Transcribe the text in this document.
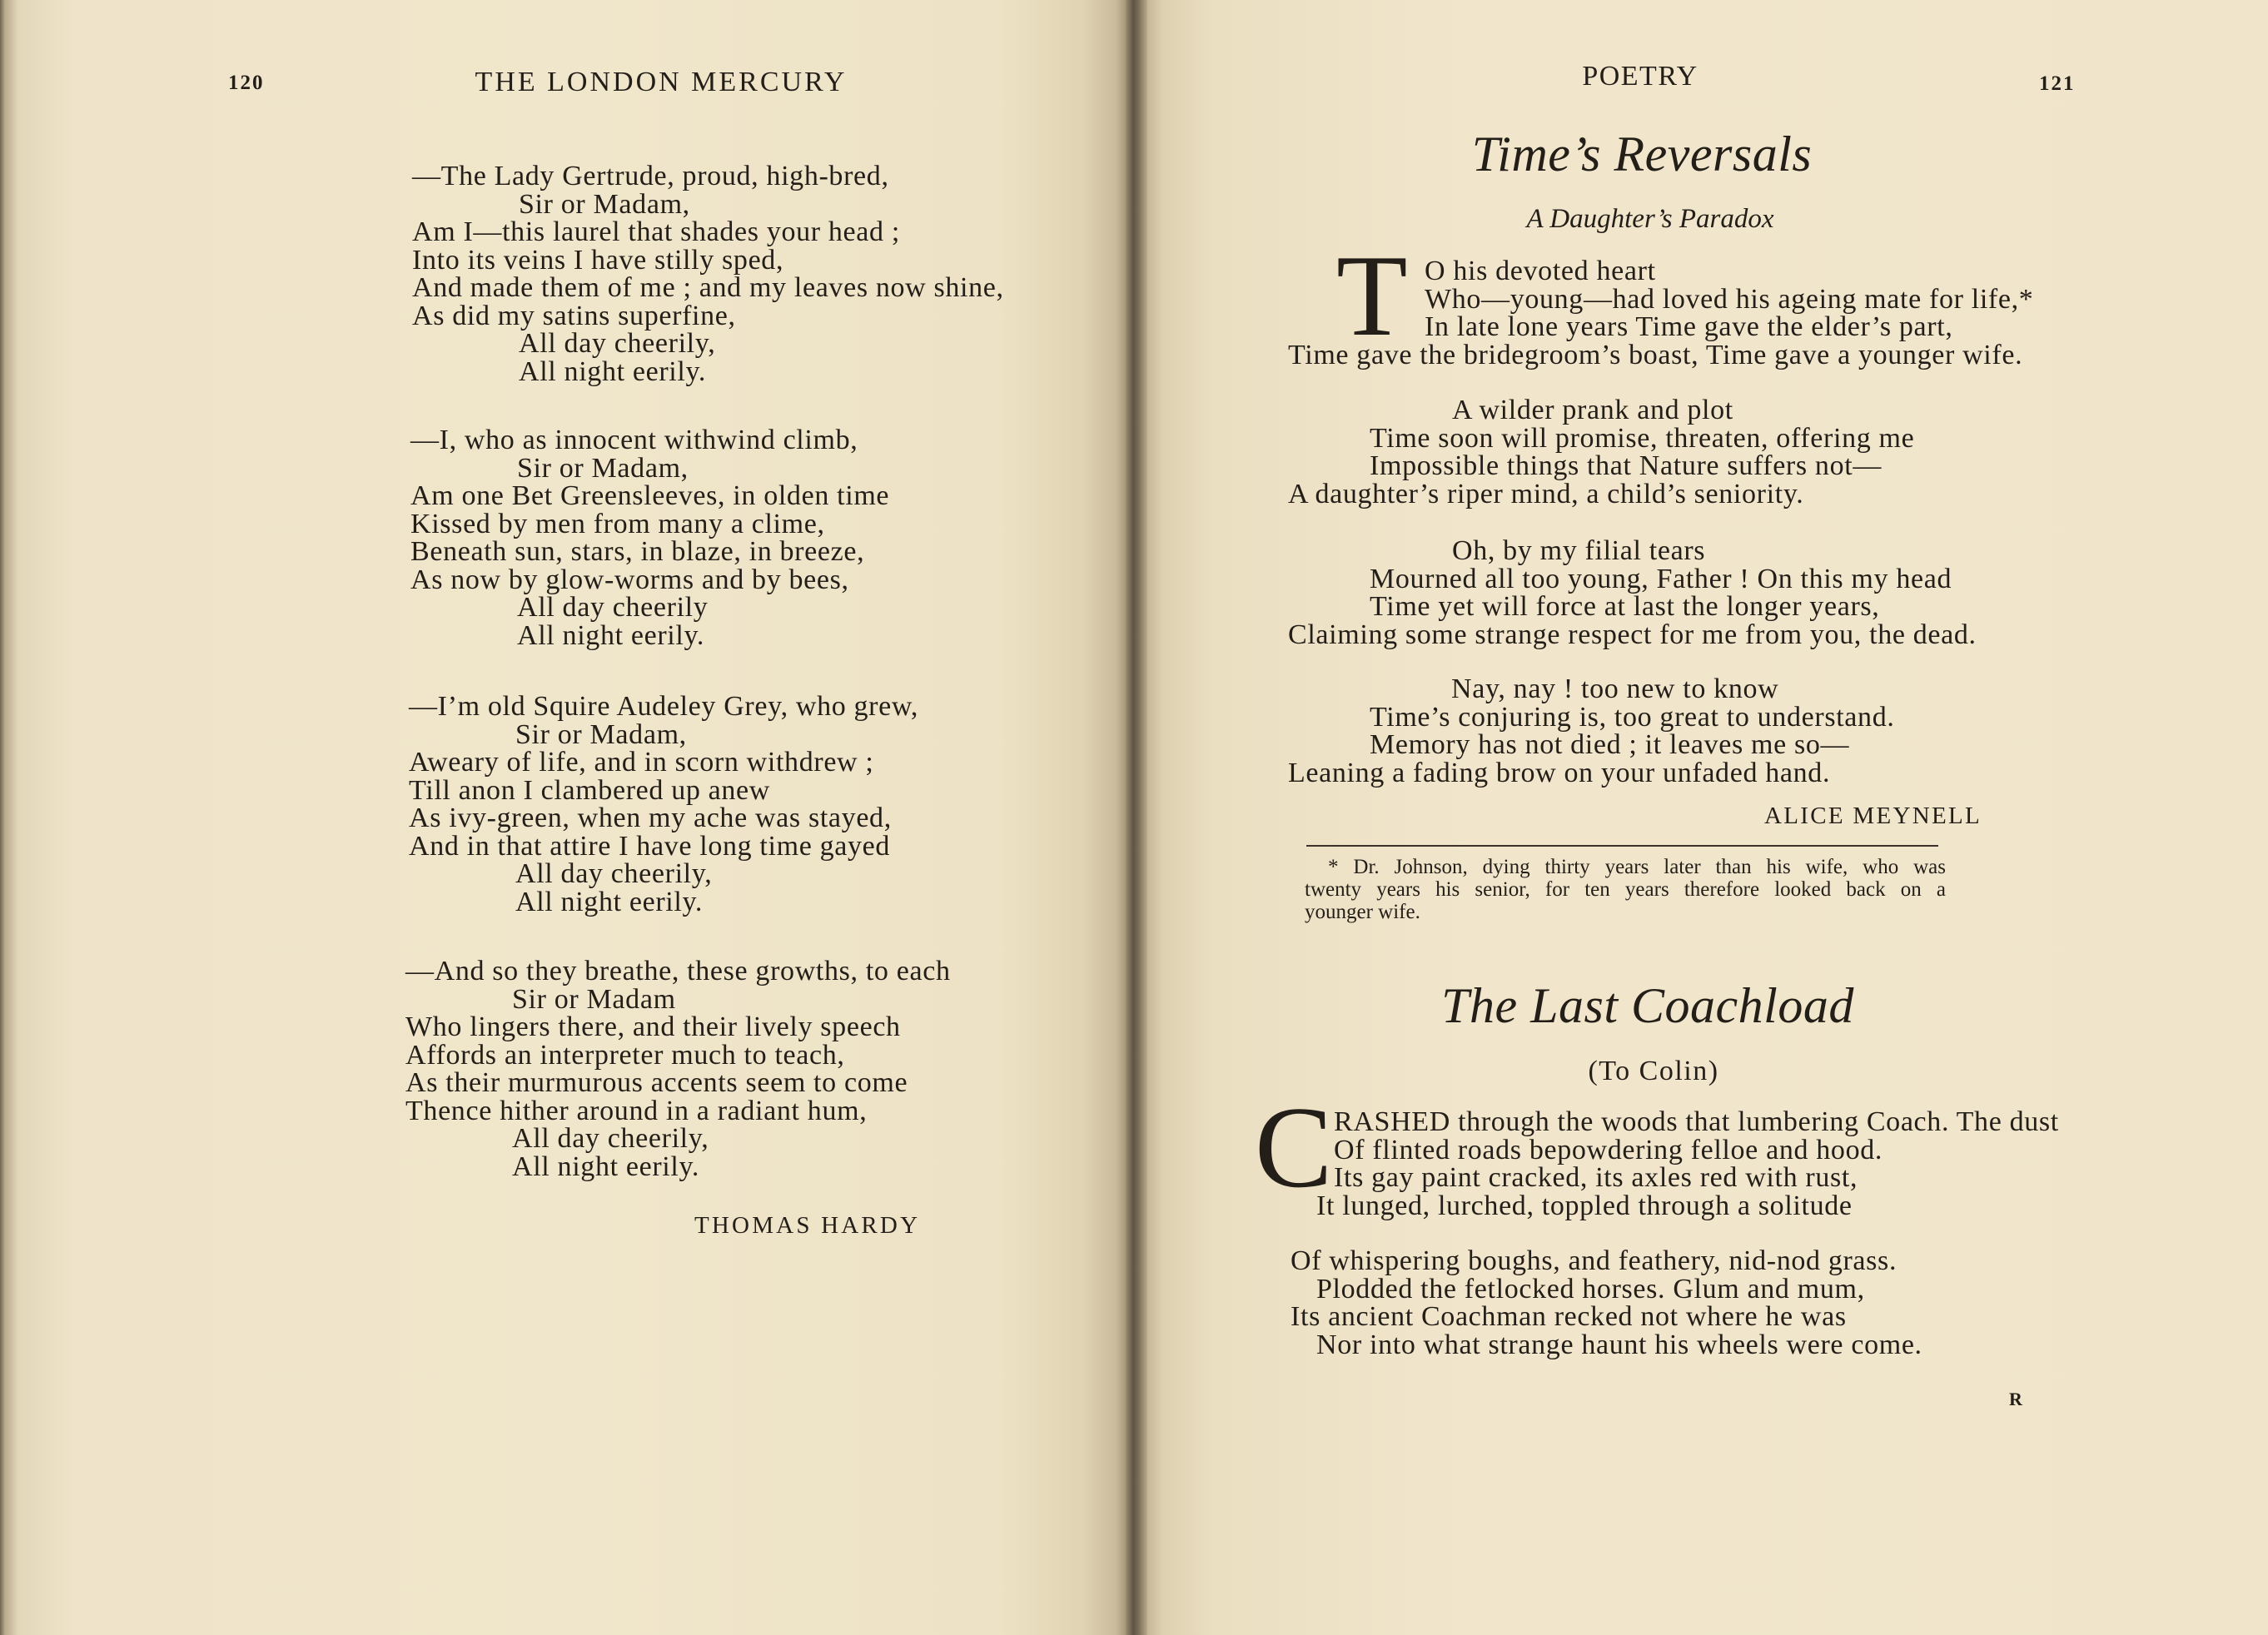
120	THE LONDON MERCURY
—The Lady Gertrude, proud, high-bred,
Sir or Madam,
Am I—this laurel that shades your head ;
Into its veins I have stilly sped,
And made them of me ; and my leaves now shine,
As did my satins superfine,
All day cheerily,
All night eerily.
—I, who as innocent withwind climb,
Sir or Madam,
Am one Bet Greensleeves, in olden time
Kissed by men from many a clime,
Beneath sun, stars, in blaze, in breeze,
As now by glow-worms and by bees,
All day cheerily
All night eerily.
—I’m old Squire Audeley Grey, who grew,
Sir or Madam,
Aweary of life, and in scorn withdrew ;
Till anon I clambered up anew
As ivy-green, when my ache was stayed,
And in that attire I have long time gayed
All day cheerily,
All night eerily.
—And so they breathe, these growths, to each
Sir or Madam
Who lingers there, and their lively speech
Affords an interpreter much to teach,
As their murmurous accents seem to come
Thence hither around in a radiant hum,
All day cheerily,
All night eerily.
THOMAS HARDY
POETRY	121
Time’s Reversals
A Daughter’s Paradox
T O his devoted heart
Who—young—had loved his ageing mate for life,*
In late lone years Time gave the elder’s part,
Time gave the bridegroom’s boast, Time gave a younger wife.
A wilder prank and plot
Time soon will promise, threaten, offering me
Impossible things that Nature suffers not—
A daughter’s riper mind, a child’s seniority.
Oh, by my filial tears
Mourned all too young, Father ! On this my head
Time yet will force at last the longer years,
Claiming some strange respect for me from you, the dead.
Nay, nay ! too new to know
Time’s conjuring is, too great to understand.
Memory has not died ; it leaves me so—
Leaning a fading brow on your unfaded hand.
ALICE MEYNELL
* Dr. Johnson, dying thirty years later than his wife, who was
twenty years his senior, for ten years therefore looked back on a
younger wife.
The Last Coachload
(To Colin)
C RASHED through the woods that lumbering Coach. The dust
Of flinted roads bepowdering felloe and hood.
Its gay paint cracked, its axles red with rust,
It lunged, lurched, toppled through a solitude
Of whispering boughs, and feathery, nid-nod grass.
Plodded the fetlocked horses. Glum and mum,
Its ancient Coachman recked not where he was
Nor into what strange haunt his wheels were come.
R
